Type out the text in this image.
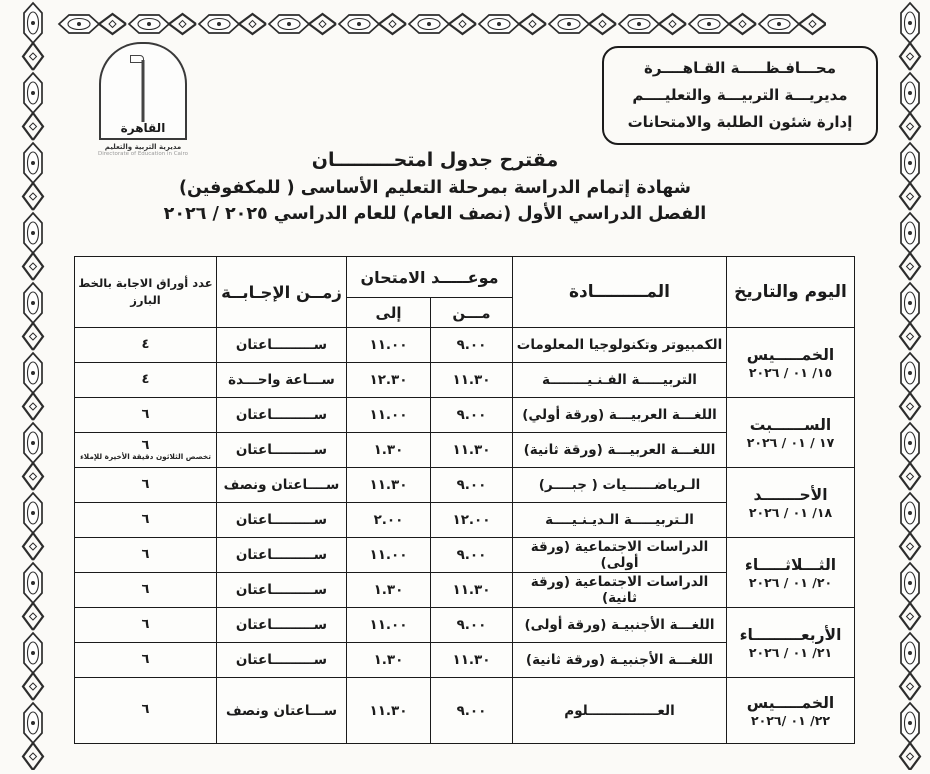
القاهرة
مديرية التربية والتعليم
Directorate of Education in Cairo
محـــافـظـــــة القـاهــــرة
مديريـــة التربيـــة والتعليــــم
إدارة شئون الطلبة والامتحانات
مقترح جدول امتحـــــــــان
شهادة إتمام الدراسة بمرحلة التعليم الأساسى ( للمكفوفين)
الفصل الدراسي الأول (نصف العام) للعام الدراسي ٢٠٢٥ / ٢٠٢٦
اليوم والتاريخ	المـــــــــادة	موعـــــد الامتحان		زمــن الإجـابــة	عدد أوراق الاجابة بالخط البارز
		مـــن	إلى		

الخمـــــيس
١٥/ ٠١ / ٢٠٢٦	الكمبيوتر وتكنولوجيا المعلومات	٩.٠٠	١١.٠٠	ســـــــــاعتان	٤
	التربيـــــة الفـنـيــــــــة	١١.٣٠	١٢.٣٠	ســـاعة واحـــدة	٤

الســــــبت
١٧ / ٠١ / ٢٠٢٦	اللغـــة العربيـــة (ورقة أولي)	٩.٠٠	١١.٠٠	ســـــــــاعتان	٦
	اللغـــة العربيـــة (ورقة ثانية)	١١.٣٠	١.٣٠	ســـــــــاعتان	٦
تخصص الثلاثون دقيقة الأخيرة للإملاء

الأحـــــــد
١٨/ ٠١ / ٢٠٢٦	الـرياضــــــيات ( جبــــر)	٩.٠٠	١١.٣٠	ســــاعتان ونصف	٦
	الـتربيـــــة الـديـنـيــــة	١٢.٠٠	٢.٠٠	ســـــــــاعتان	٦

الثـــلاثـــــاء
٢٠/ ٠١ / ٢٠٢٦	الدراسات الاجتماعية (ورقة أولى)	٩.٠٠	١١.٠٠	ســـــــــاعتان	٦
	الدراسات الاجتماعية (ورقة ثانية)	١١.٣٠	١.٣٠	ســـــــــاعتان	٦

الأربعـــــــــاء
٢١/ ٠١ / ٢٠٢٦	اللغـــة الأجنبيـة (ورقة أولى)	٩.٠٠	١١.٠٠	ســـــــــاعتان	٦
	اللغـــة الأجنبيـة (ورقة ثانية)	١١.٣٠	١.٣٠	ســـــــــاعتان	٦

الخمـــــيس
٢٢/ ٠١ /٢٠٢٦	العـــــــــــــــلوم	٩.٠٠	١١.٣٠	ســـاعتان ونصف	٦
